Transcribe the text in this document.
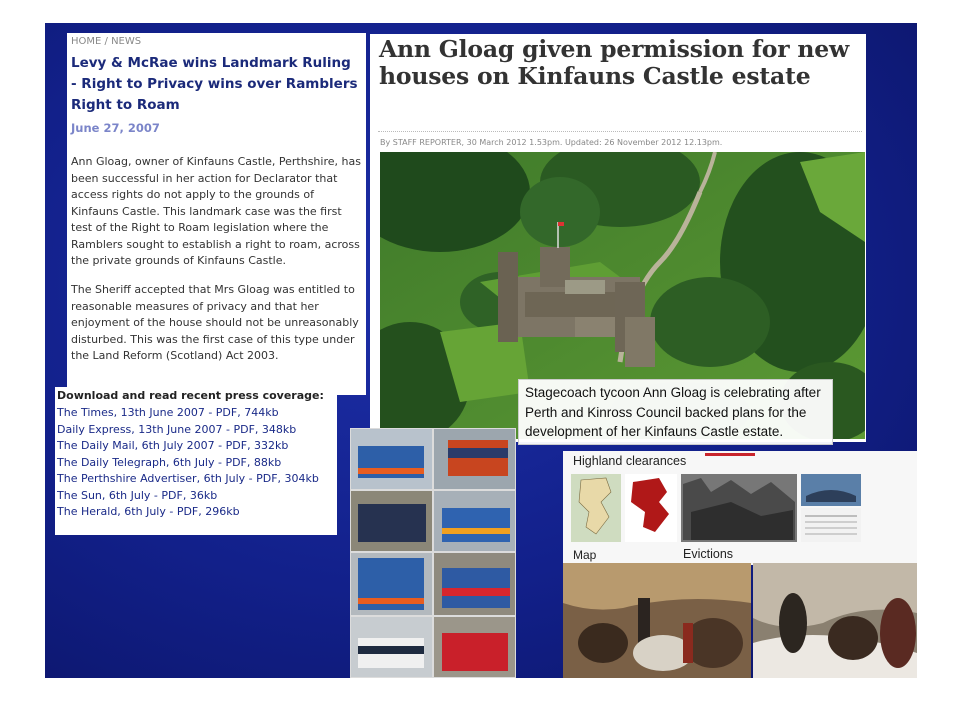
HOME / NEWS
Levy & McRae wins Landmark Ruling - Right to Privacy wins over Ramblers Right to Roam
June 27, 2007
Ann Gloag, owner of Kinfauns Castle, Perthshire, has been successful in her action for Declarator that access rights do not apply to the grounds of Kinfauns Castle. This landmark case was the first test of the Right to Roam legislation where the Ramblers sought to establish a right to roam, across the private grounds of Kinfauns Castle.
The Sheriff accepted that Mrs Gloag was entitled to reasonable measures of privacy and that her enjoyment of the house should not be unreasonably disturbed. This was the first case of this type under the Land Reform (Scotland) Act 2003.
Download and read recent press coverage:
The Times, 13th June 2007 - PDF, 744kb
Daily Express, 13th June 2007 - PDF, 348kb
The Daily Mail, 6th July 2007 - PDF, 332kb
The Daily Telegraph, 6th July - PDF, 88kb
The Perthshire Advertiser, 6th July - PDF, 304kb
The Sun, 6th July - PDF, 36kb
The Herald, 6th July - PDF, 296kb
Ann Gloag given permission for new houses on Kinfauns Castle estate
By STAFF REPORTER, 30 March 2012 1.53pm. Updated: 26 November 2012 12.13pm.
Stagecoach tycoon Ann Gloag is celebrating after Perth and Kinross Council backed plans for the development of her Kinfauns Castle estate.
Highland clearances
Map	Evictions
